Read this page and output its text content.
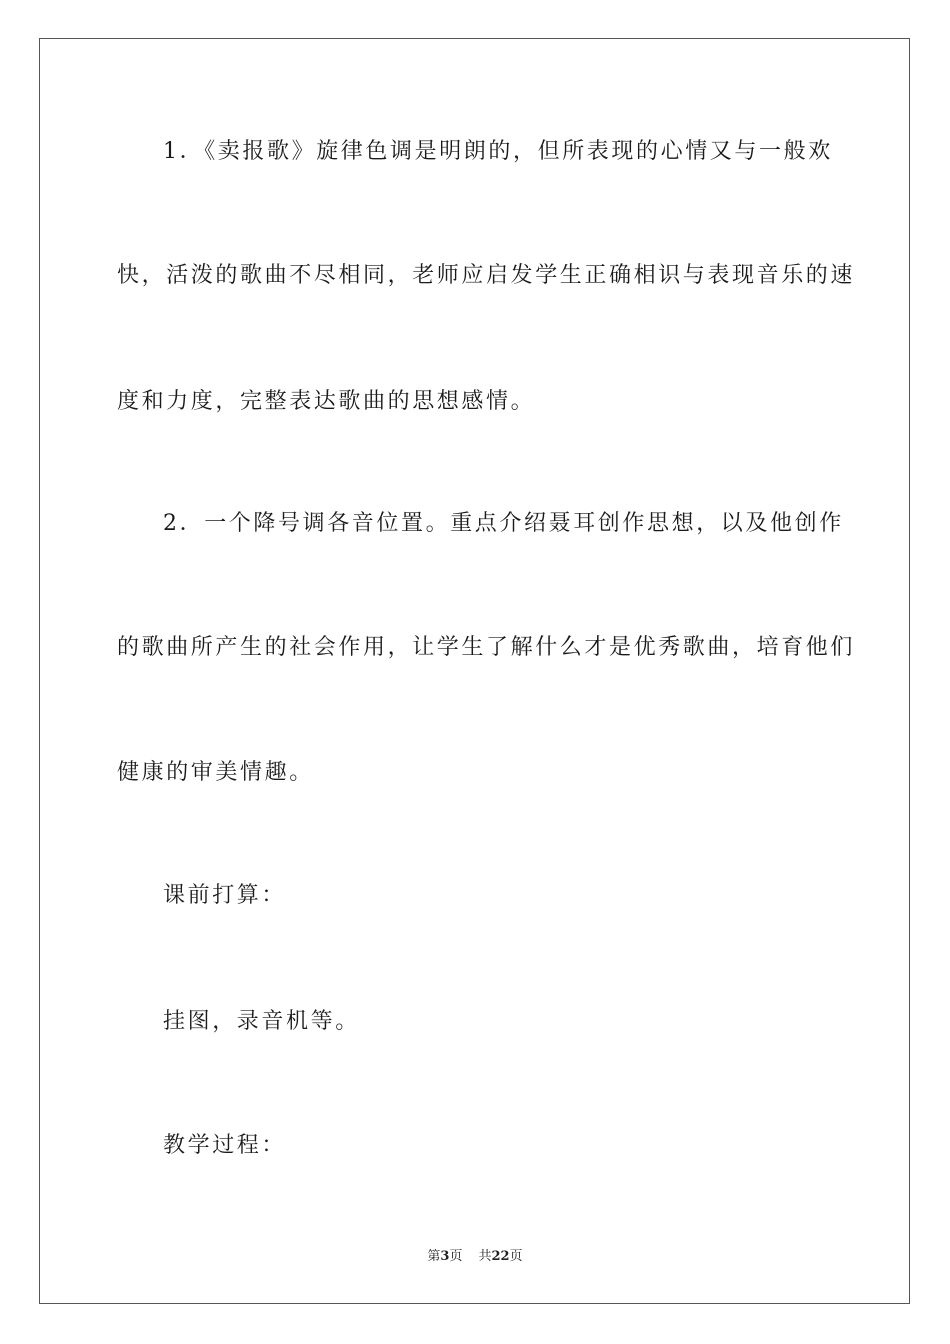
1．《卖报歌》旋律色调是明朗的，但所表现的心情又与一般欢
快，活泼的歌曲不尽相同，老师应启发学生正确相识与表现音乐的速
度和力度，完整表达歌曲的思想感情。
2．一个降号调各音位置。重点介绍聂耳创作思想，以及他创作
的歌曲所产生的社会作用，让学生了解什么才是优秀歌曲，培育他们
健康的审美情趣。
课前打算：
挂图，录音机等。
教学过程：
第3页 共22页
